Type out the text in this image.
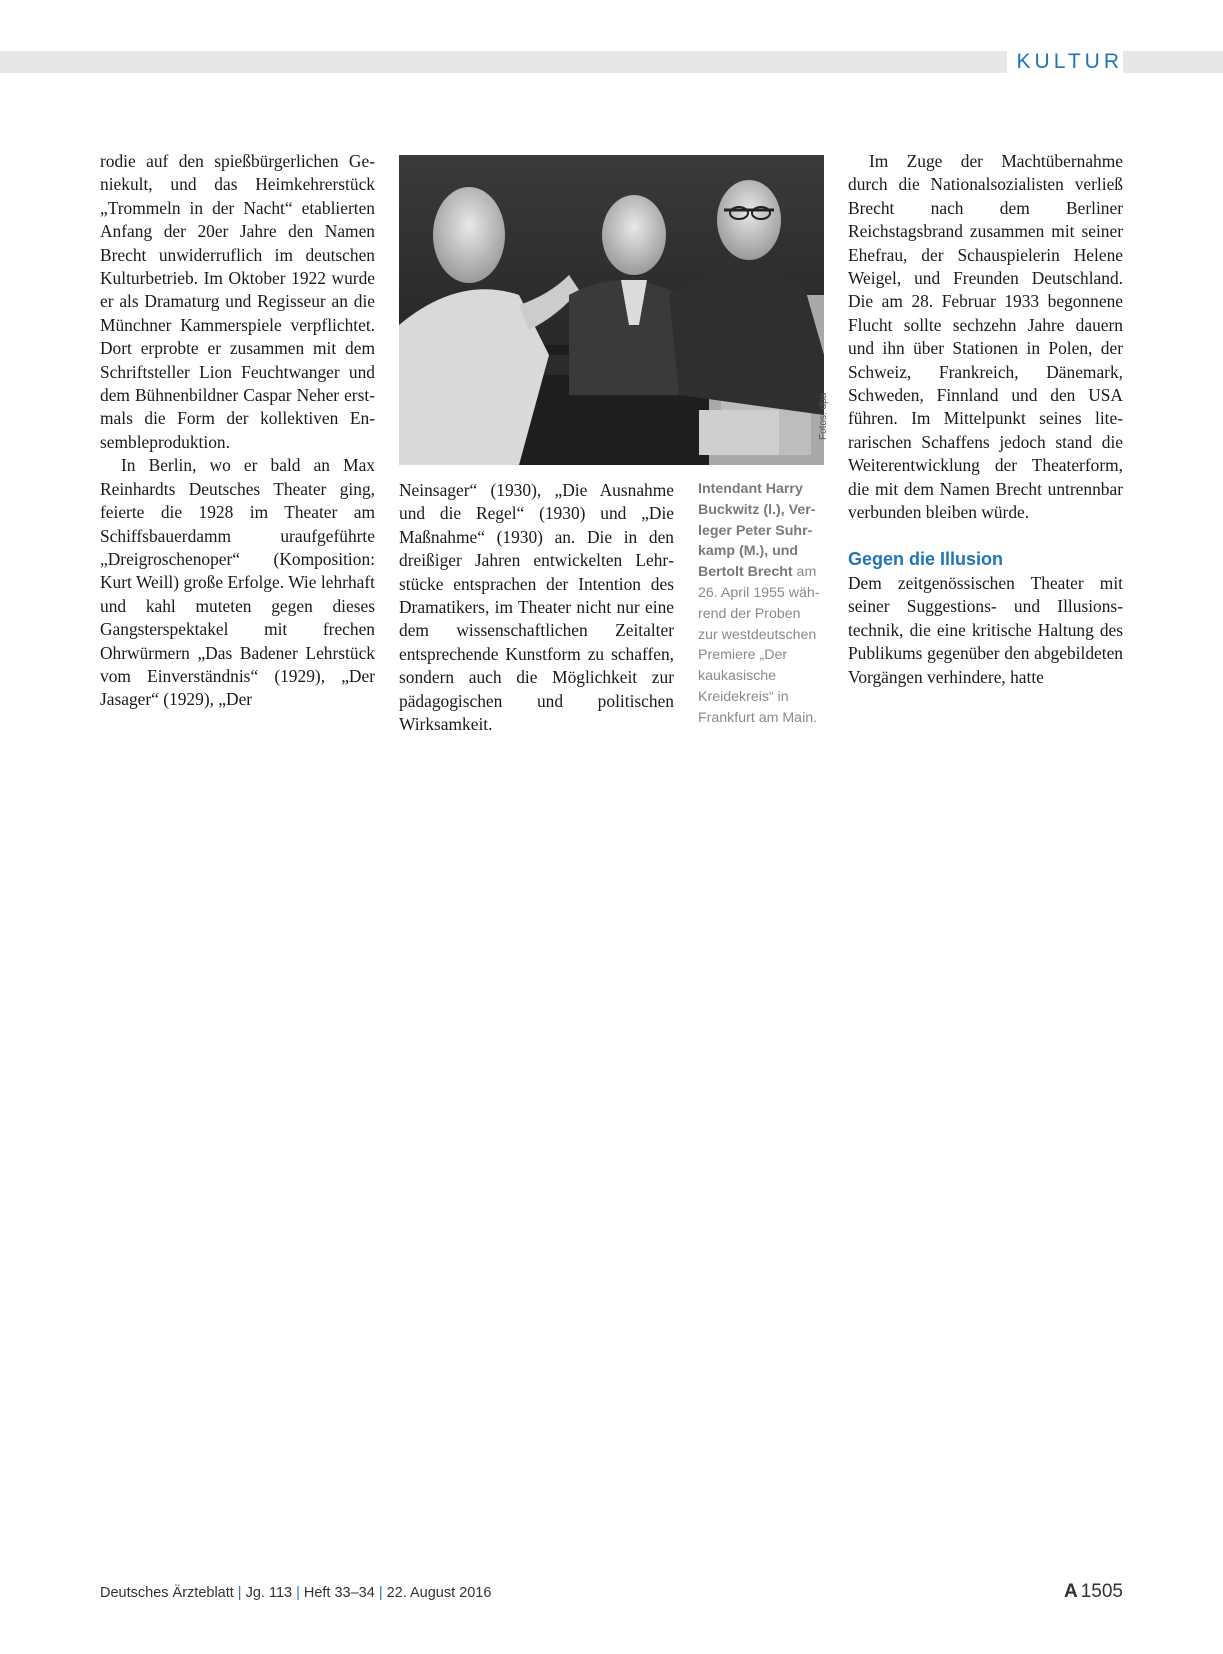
KULTUR

rodie auf den spießbürgerlichen Geniekult, und das Heimkehrerstück „Trommeln in der Nacht“ etablierten Anfang der 20er Jahre den Namen Brecht unwiderruflich im deutschen Kulturbetrieb. Im Oktober 1922 wurde er als Dramaturg und Regisseur an die Münchner Kammerspiele verpflichtet. Dort erprobte er zusammen mit dem Schriftsteller Lion Feuchtwanger und dem Bühnenbildner Caspar Neher erstmals die Form der kollektiven Ensembleproduktion.

In Berlin, wo er bald an Max Reinhardts Deutsches Theater ging, feierte die 1928 im Theater am Schiffsbauerdamm uraufgeführte „Dreigroschenoper“ (Komposition: Kurt Weill) große Erfolge. Wie lehrhaft und kahl muteten gegen dieses Gangsterspektakel mit frechen Ohrwürmern „Das Badener Lehrstück vom Einverständnis“ (1929), „Der Jasager“ (1929), „Der

Fotos: dpa

Neinsager“ (1930), „Die Ausnahme und die Regel“ (1930) und „Die Maßnahme“ (1930) an. Die in den dreißiger Jahren entwickelten Lehrstücke entsprachen der Intention des Dramatikers, im Theater nicht nur eine dem wissenschaftlichen Zeitalter entsprechende Kunstform zu schaffen, sondern auch die Möglichkeit zur pädagogischen und politischen Wirksamkeit.

Intendant Harry Buckwitz (l.), Verleger Peter Suhrkamp (M.), und Bertolt Brecht am 26. April 1955 während der Proben zur westdeutschen Premiere „Der kaukasische Kreidekreis“ in Frankfurt am Main.

Im Zuge der Machtübernahme durch die Nationalsozialisten verließ Brecht nach dem Berliner Reichstagsbrand zusammen mit seiner Ehefrau, der Schauspielerin Helene Weigel, und Freunden Deutschland. Die am 28. Februar 1933 begonnene Flucht sollte sechzehn Jahre dauern und ihn über Stationen in Polen, der Schweiz, Frankreich, Dänemark, Schweden, Finnland und den USA führen. Im Mittelpunkt seines literarischen Schaffens jedoch stand die Weiterentwicklung der Theaterform, die mit dem Namen Brecht untrennbar verbunden bleiben würde.

Gegen die Illusion

Dem zeitgenössischen Theater mit seiner Suggestions- und Illusionstechnik, die eine kritische Haltung des Publikums gegenüber den abgebildeten Vorgängen verhindere, hatte

Deutsches Ärzteblatt | Jg. 113 | Heft 33–34 | 22. August 2016	A 1505
